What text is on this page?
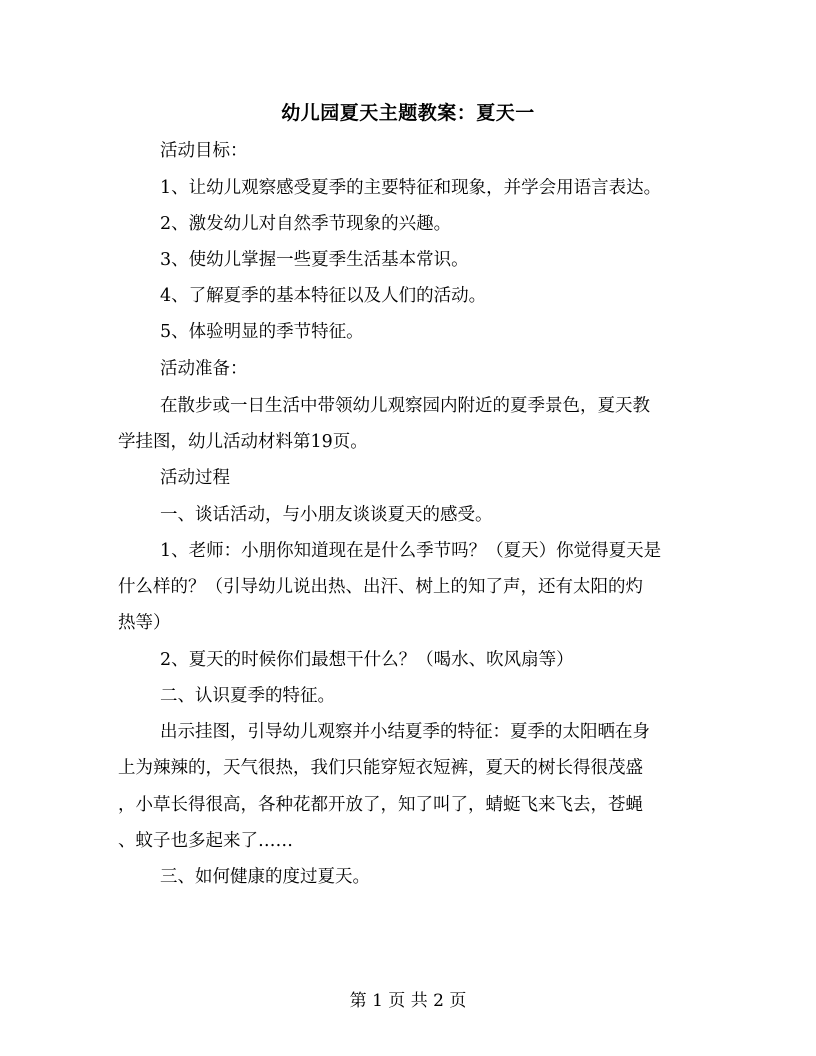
幼儿园夏天主题教案：夏天一
活动目标：
1、让幼儿观察感受夏季的主要特征和现象，并学会用语言表达。
2、激发幼儿对自然季节现象的兴趣。
3、使幼儿掌握一些夏季生活基本常识。
4、了解夏季的基本特征以及人们的活动。
5、体验明显的季节特征。
活动准备：
在散步或一日生活中带领幼儿观察园内附近的夏季景色，夏天教
学挂图，幼儿活动材料第19页。
活动过程
一、谈话活动，与小朋友谈谈夏天的感受。
1、老师：小朋你知道现在是什么季节吗？（夏天）你觉得夏天是
什么样的？（引导幼儿说出热、出汗、树上的知了声，还有太阳的灼
热等）
2、夏天的时候你们最想干什么？（喝水、吹风扇等）
二、认识夏季的特征。
出示挂图，引导幼儿观察并小结夏季的特征：夏季的太阳晒在身
上为辣辣的，天气很热，我们只能穿短衣短裤，夏天的树长得很茂盛
，小草长得很高，各种花都开放了，知了叫了，蜻蜓飞来飞去，苍蝇
、蚊子也多起来了……
三、如何健康的度过夏天。
第 1 页 共 2 页
